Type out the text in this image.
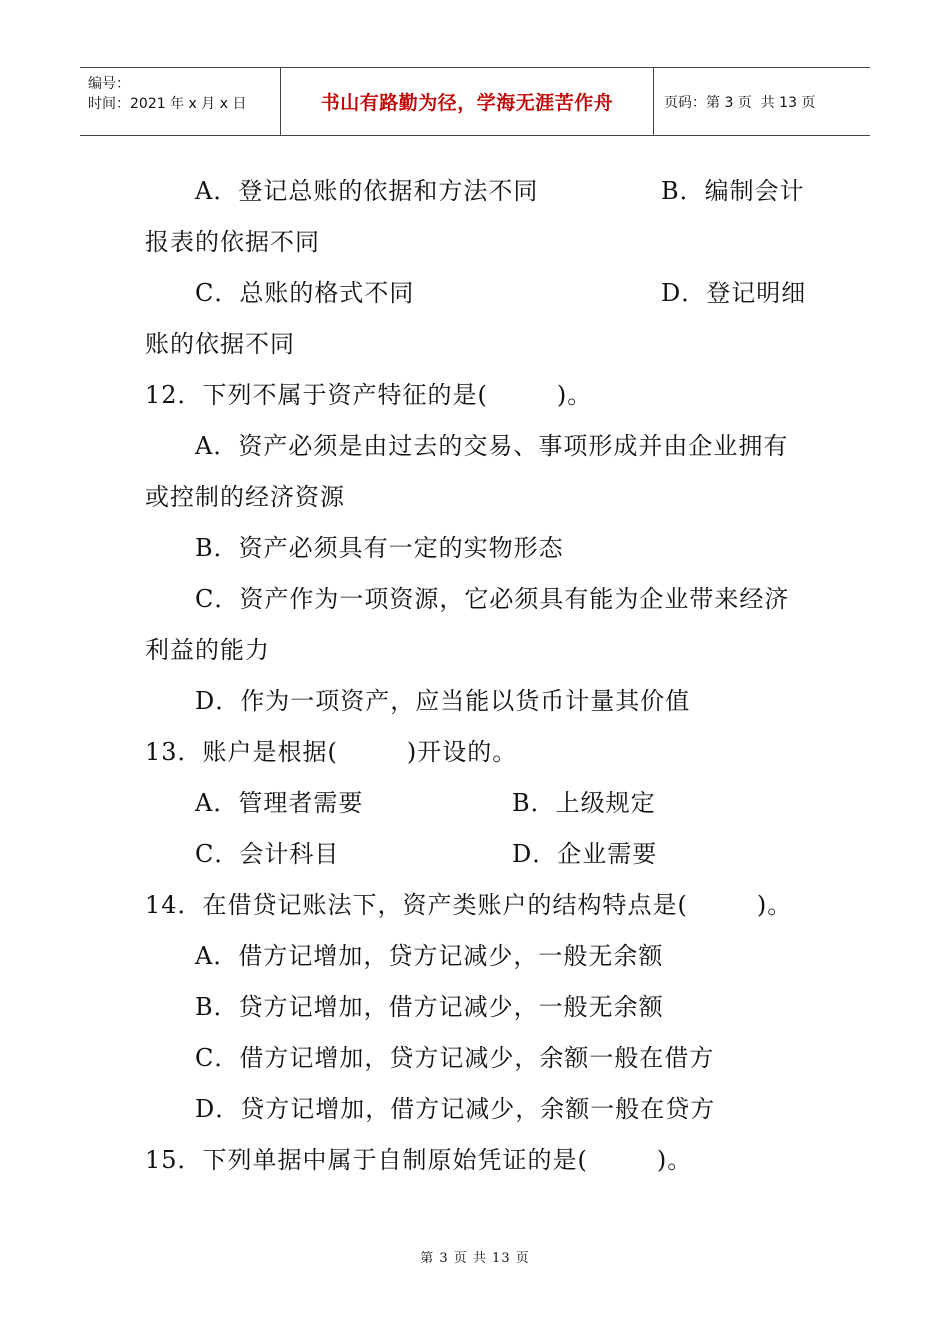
编号：
时间：2021 年 x 月 x 日	书山有路勤为径，学海无涯苦作舟	页码：第 3 页  共 13 页
A．登记总账的依据和方法不同	B．编制会计
报表的依据不同
C．总账的格式不同	D．登记明细
账的依据不同
12．下列不属于资产特征的是(        )。
A．资产必须是由过去的交易、事项形成并由企业拥有
或控制的经济资源
B．资产必须具有一定的实物形态
C．资产作为一项资源，它必须具有能为企业带来经济
利益的能力
D．作为一项资产，应当能以货币计量其价值
13．账户是根据(        )开设的。
A．管理者需要	B．上级规定
C．会计科目	D．企业需要
14．在借贷记账法下，资产类账户的结构特点是(        )。
A．借方记增加，贷方记减少，一般无余额
B．贷方记增加，借方记减少，一般无余额
C．借方记增加，贷方记减少，余额一般在借方
D．贷方记增加，借方记减少，余额一般在贷方
15．下列单据中属于自制原始凭证的是(        )。
第 3 页 共 13 页
